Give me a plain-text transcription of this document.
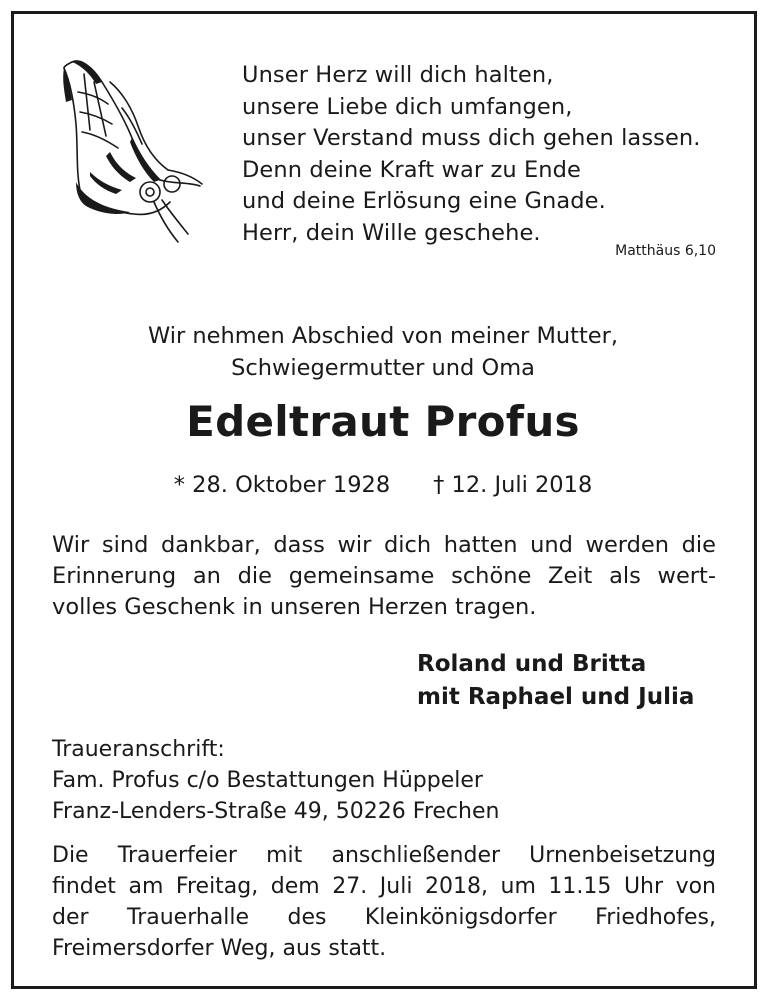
Unser Herz will dich halten,
unsere Liebe dich umfangen,
unser Verstand muss dich gehen lassen.
Denn deine Kraft war zu Ende
und deine Erlösung eine Gnade.
Herr, dein Wille geschehe.
Matthäus 6,10
Wir nehmen Abschied von meiner Mutter,
Schwiegermutter und Oma
Edeltraut Profus
* 28. Oktober 1928 † 12. Juli 2018
Wir sind dankbar, dass wir dich hatten und werden die
Erinnerung an die gemeinsame schöne Zeit als wert-
volles Geschenk in unseren Herzen tragen.
Roland und Britta
mit Raphael und Julia
Traueranschrift:
Fam. Profus c/o Bestattungen Hüppeler
Franz-Lenders-Straße 49, 50226 Frechen
Die Trauerfeier mit anschließender Urnenbeisetzung
findet am Freitag, dem 27. Juli 2018, um 11.15 Uhr von
der Trauerhalle des Kleinkönigsdorfer Friedhofes,
Freimersdorfer Weg, aus statt.
